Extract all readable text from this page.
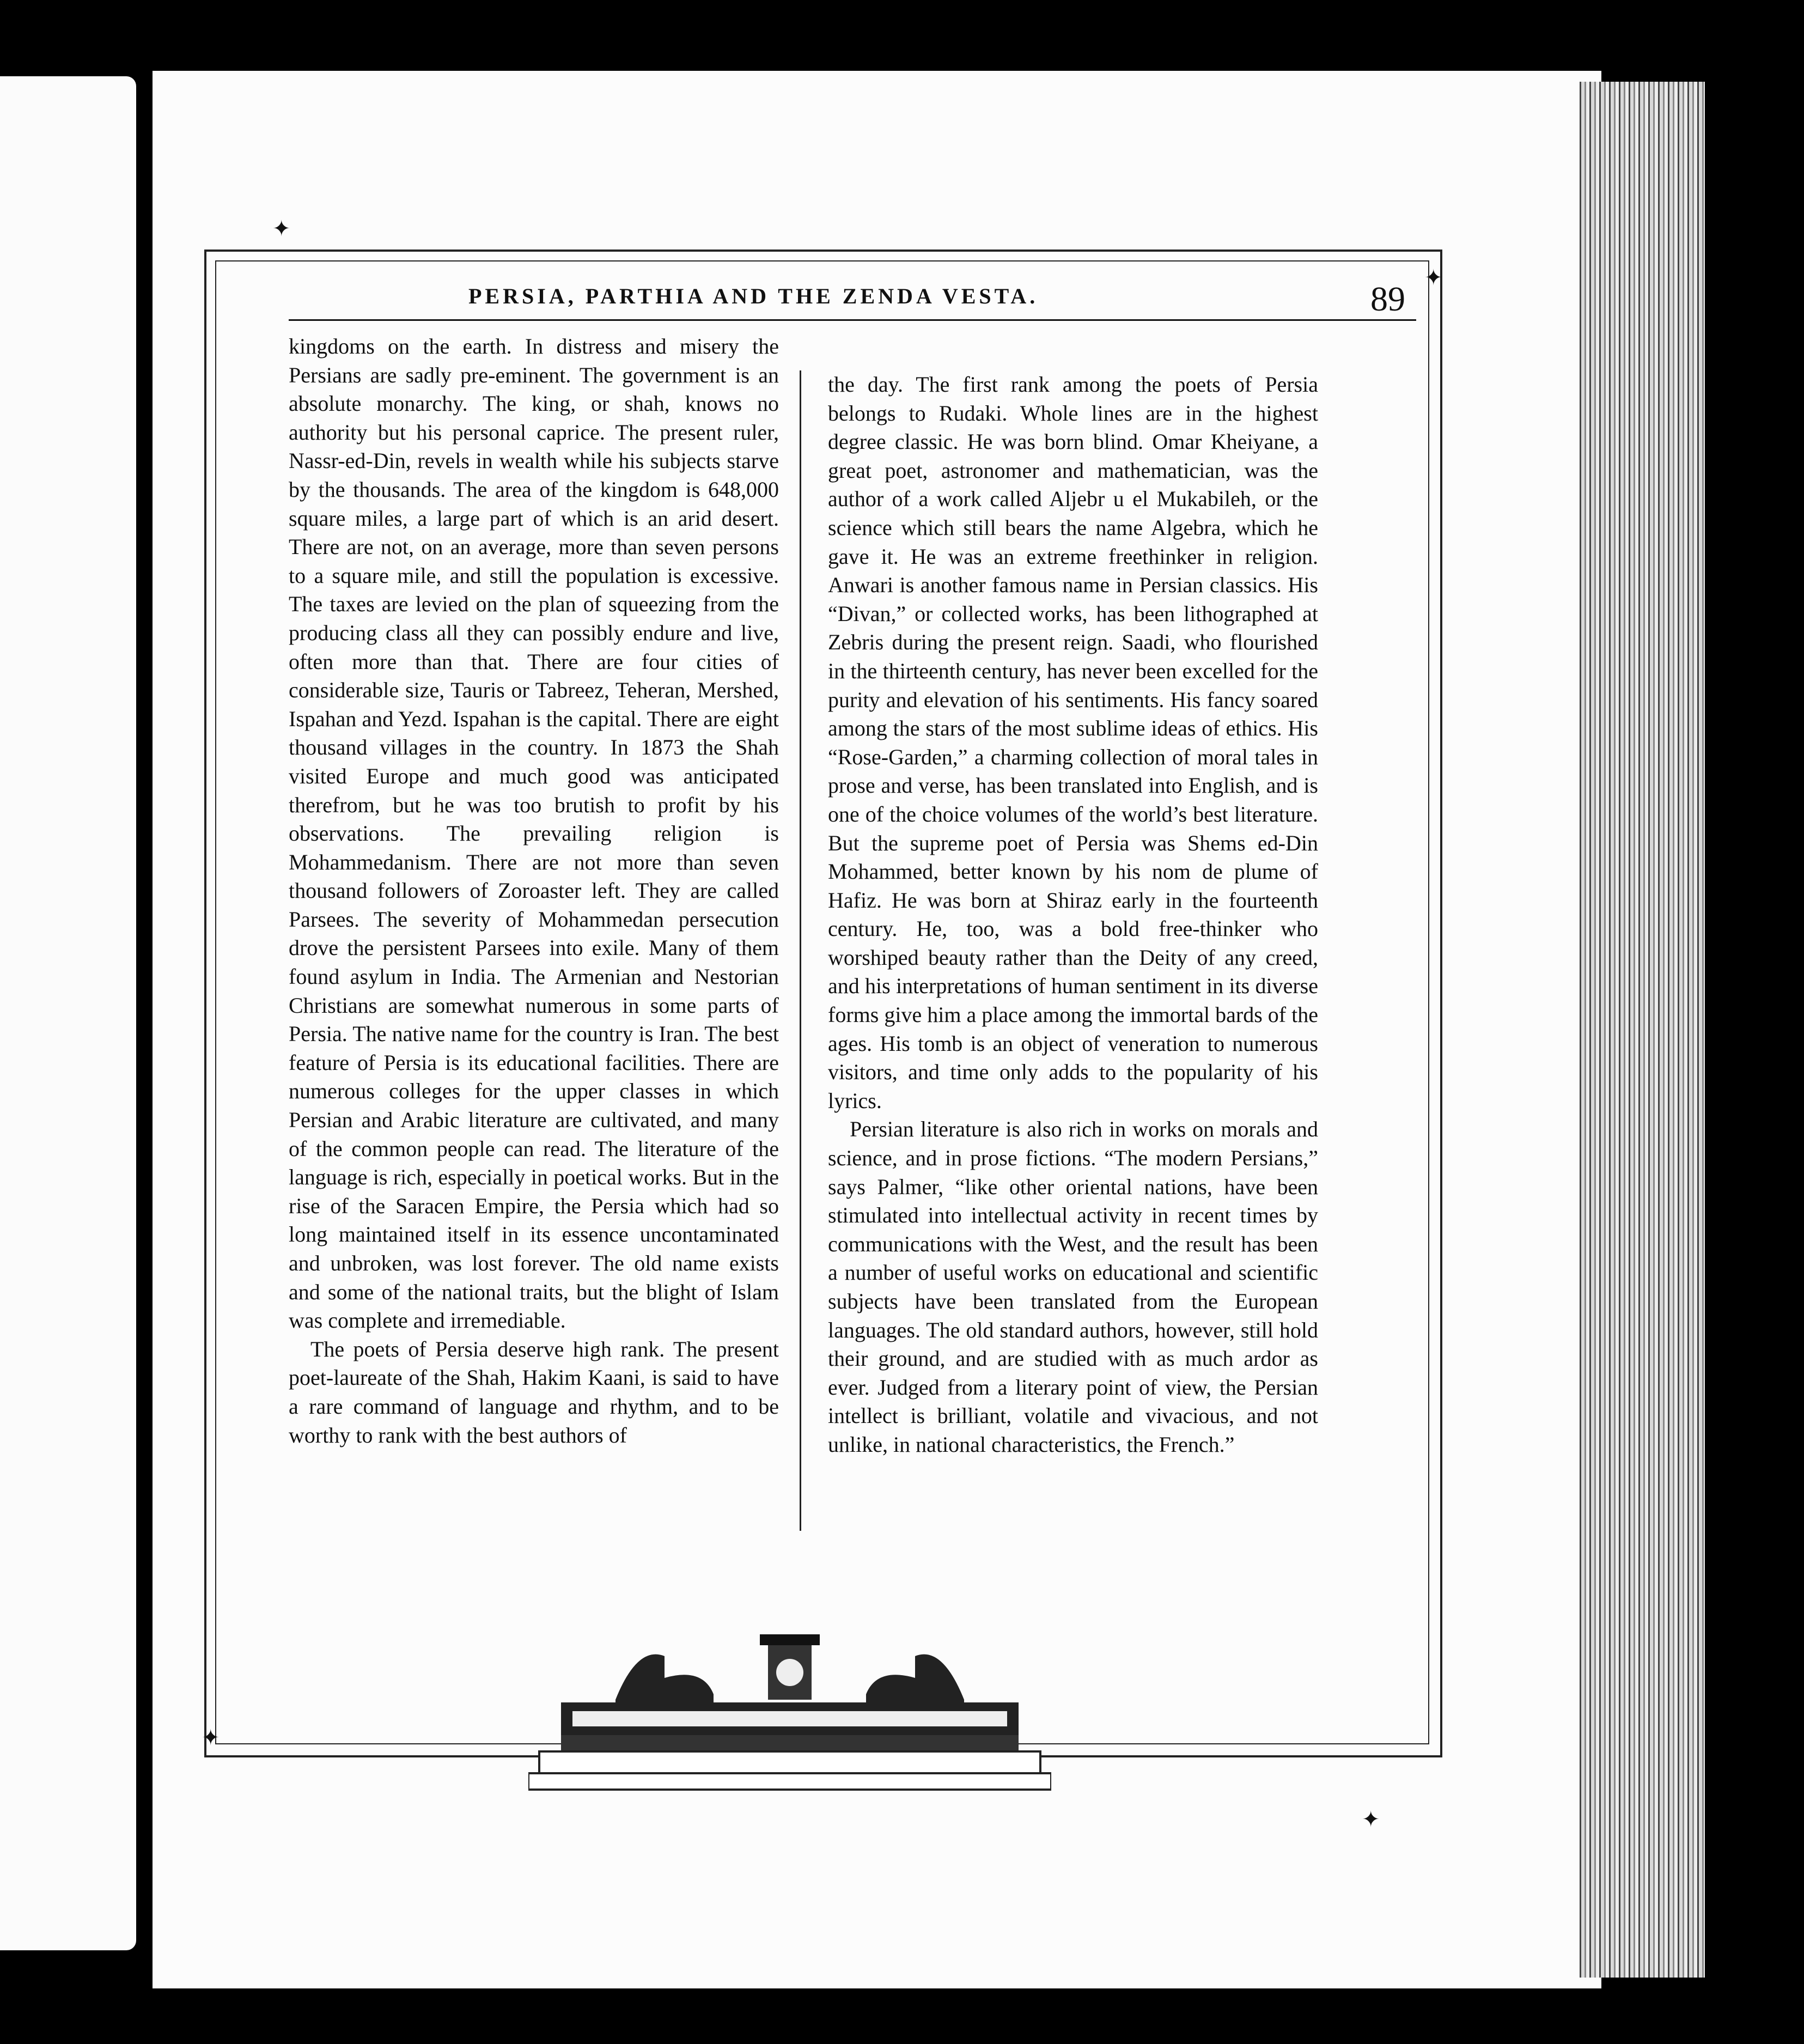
✦
✦
✦
✦
PERSIA, PARTHIA AND THE ZENDA VESTA.	89

kingdoms on the earth. In distress and misery the Persians are sadly pre-eminent. The government is an absolute monarchy. The king, or shah, knows no authority but his personal caprice. The present ruler, Nassr-ed-Din, revels in wealth while his subjects starve by the thousands. The area of the kingdom is 648,000 square miles, a large part of which is an arid desert. There are not, on an average, more than seven persons to a square mile, and still the population is excessive. The taxes are levied on the plan of squeezing from the producing class all they can possibly endure and live, often more than that. There are four cities of considerable size, Tauris or Tabreez, Teheran, Mershed, Ispahan and Yezd. Ispahan is the capital. There are eight thousand villages in the country. In 1873 the Shah visited Europe and much good was anticipated therefrom, but he was too brutish to profit by his observations. The prevailing religion is Mohammedanism. There are not more than seven thousand followers of Zoroaster left. They are called Parsees. The severity of Mohammedan persecution drove the persistent Parsees into exile. Many of them found asylum in India. The Armenian and Nestorian Christians are somewhat numerous in some parts of Persia. The native name for the country is Iran. The best feature of Persia is its educational facilities. There are numerous colleges for the upper classes in which Persian and Arabic literature are cultivated, and many of the common people can read. The literature of the language is rich, especially in poetical works. But in the rise of the Saracen Empire, the Persia which had so long maintained itself in its essence uncontaminated and unbroken, was lost forever. The old name exists and some of the national traits, but the blight of Islam was complete and irremediable.

The poets of Persia deserve high rank. The present poet-laureate of the Shah, Hakim Kaani, is said to have a rare command of language and rhythm, and to be worthy to rank with the best authors of

the day. The first rank among the poets of Persia belongs to Rudaki. Whole lines are in the highest degree classic. He was born blind. Omar Kheiyane, a great poet, astronomer and mathematician, was the author of a work called Aljebr u el Mukabileh, or the science which still bears the name Algebra, which he gave it. He was an extreme freethinker in religion. Anwari is another famous name in Persian classics. His “Divan,” or collected works, has been lithographed at Zebris during the present reign. Saadi, who flourished in the thirteenth century, has never been excelled for the purity and elevation of his sentiments. His fancy soared among the stars of the most sublime ideas of ethics. His “Rose-Garden,” a charming collection of moral tales in prose and verse, has been translated into English, and is one of the choice volumes of the world’s best literature. But the supreme poet of Persia was Shems ed-Din Mohammed, better known by his nom de plume of Hafiz. He was born at Shiraz early in the fourteenth century. He, too, was a bold free-thinker who worshiped beauty rather than the Deity of any creed, and his interpretations of human sentiment in its diverse forms give him a place among the immortal bards of the ages. His tomb is an object of veneration to numerous visitors, and time only adds to the popularity of his lyrics.

Persian literature is also rich in works on morals and science, and in prose fictions. “The modern Persians,” says Palmer, “like other oriental nations, have been stimulated into intellectual activity in recent times by communications with the West, and the result has been a number of useful works on educational and scientific subjects have been translated from the European languages. The old standard authors, however, still hold their ground, and are studied with as much ardor as ever. Judged from a literary point of view, the Persian intellect is brilliant, volatile and vivacious, and not unlike, in national characteristics, the French.”
